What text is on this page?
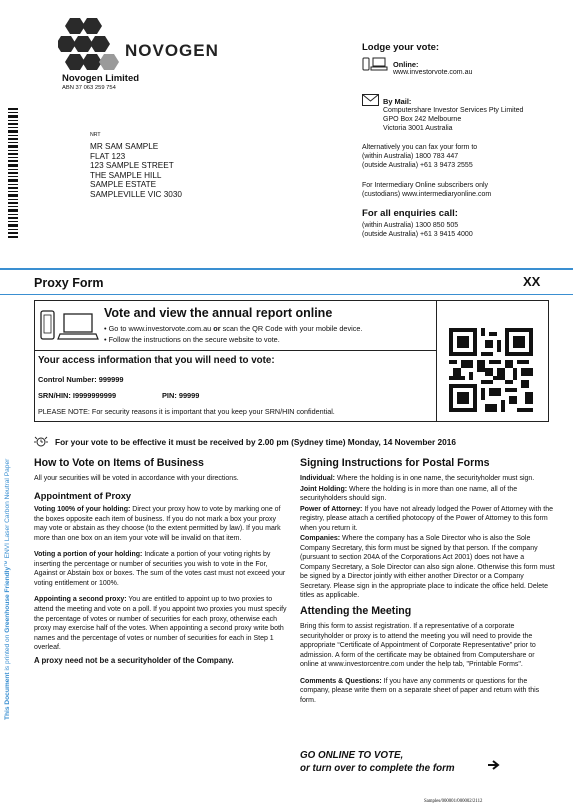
NOVOGEN
Novogen Limited
ABN 37 063 259 754
NRT
MR SAM SAMPLE
FLAT 123
123 SAMPLE STREET
THE SAMPLE HILL
SAMPLE ESTATE
SAMPLEVILLE VIC 3030
Lodge your vote:
Online:
www.investorvote.com.au
By Mail:
Computershare Investor Services Pty Limited
GPO Box 242 Melbourne
Victoria 3001 Australia
Alternatively you can fax your form to
(within Australia) 1800 783 447
(outside Australia) +61 3 9473 2555
For Intermediary Online subscribers only
(custodians) www.intermediaryonline.com
For all enquiries call:
(within Australia) 1300 850 505
(outside Australia) +61 3 9415 4000
Proxy Form	XX
Vote and view the annual report online
• Go to www.investorvote.com.au or scan the QR Code with your mobile device.
• Follow the instructions on the secure website to vote.
Your access information that you will need to vote:
Control Number: 999999
SRN/HIN: I9999999999	PIN: 99999
PLEASE NOTE: For security reasons it is important that you keep your SRN/HIN confidential.
For your vote to be effective it must be received by 2.00 pm (Sydney time) Monday, 14 November 2016
How to Vote on Items of Business
All your securities will be voted in accordance with your directions.
Appointment of Proxy
Voting 100% of your holding: Direct your proxy how to vote by marking one of the boxes opposite each item of business. If you do not mark a box your proxy may vote or abstain as they choose (to the extent permitted by law). If you mark more than one box on an item your vote will be invalid on that item.
Voting a portion of your holding: Indicate a portion of your voting rights by inserting the percentage or number of securities you wish to vote in the For, Against or Abstain box or boxes. The sum of the votes cast must not exceed your voting entitlement or 100%.
Appointing a second proxy: You are entitled to appoint up to two proxies to attend the meeting and vote on a poll. If you appoint two proxies you must specify the percentage of votes or number of securities for each proxy, otherwise each proxy may exercise half of the votes. When appointing a second proxy write both names and the percentage of votes or number of securities for each in Step 1 overleaf.
A proxy need not be a securityholder of the Company.
Signing Instructions for Postal Forms
Individual: Where the holding is in one name, the securityholder must sign.
Joint Holding: Where the holding is in more than one name, all of the securityholders should sign.
Power of Attorney: If you have not already lodged the Power of Attorney with the registry, please attach a certified photocopy of the Power of Attorney to this form when you return it.
Companies: Where the company has a Sole Director who is also the Sole Company Secretary, this form must be signed by that person. If the company (pursuant to section 204A of the Corporations Act 2001) does not have a Company Secretary, a Sole Director can also sign alone. Otherwise this form must be signed by a Director jointly with either another Director or a Company Secretary. Please sign in the appropriate place to indicate the office held. Delete titles as applicable.
Attending the Meeting
Bring this form to assist registration. If a representative of a corporate securityholder or proxy is to attend the meeting you will need to provide the appropriate “Certificate of Appointment of Corporate Representative” prior to admission. A form of the certificate may be obtained from Computershare or online at www.investorcentre.com under the help tab, "Printable Forms".
Comments & Questions: If you have any comments or questions for the company, please write them on a separate sheet of paper and return with this form.
GO ONLINE TO VOTE,
or turn over to complete the form
This Document is printed on Greenhouse Friendly™ ENVI Laser Carbon Neutral Paper
Samples/000001/000002/2112
